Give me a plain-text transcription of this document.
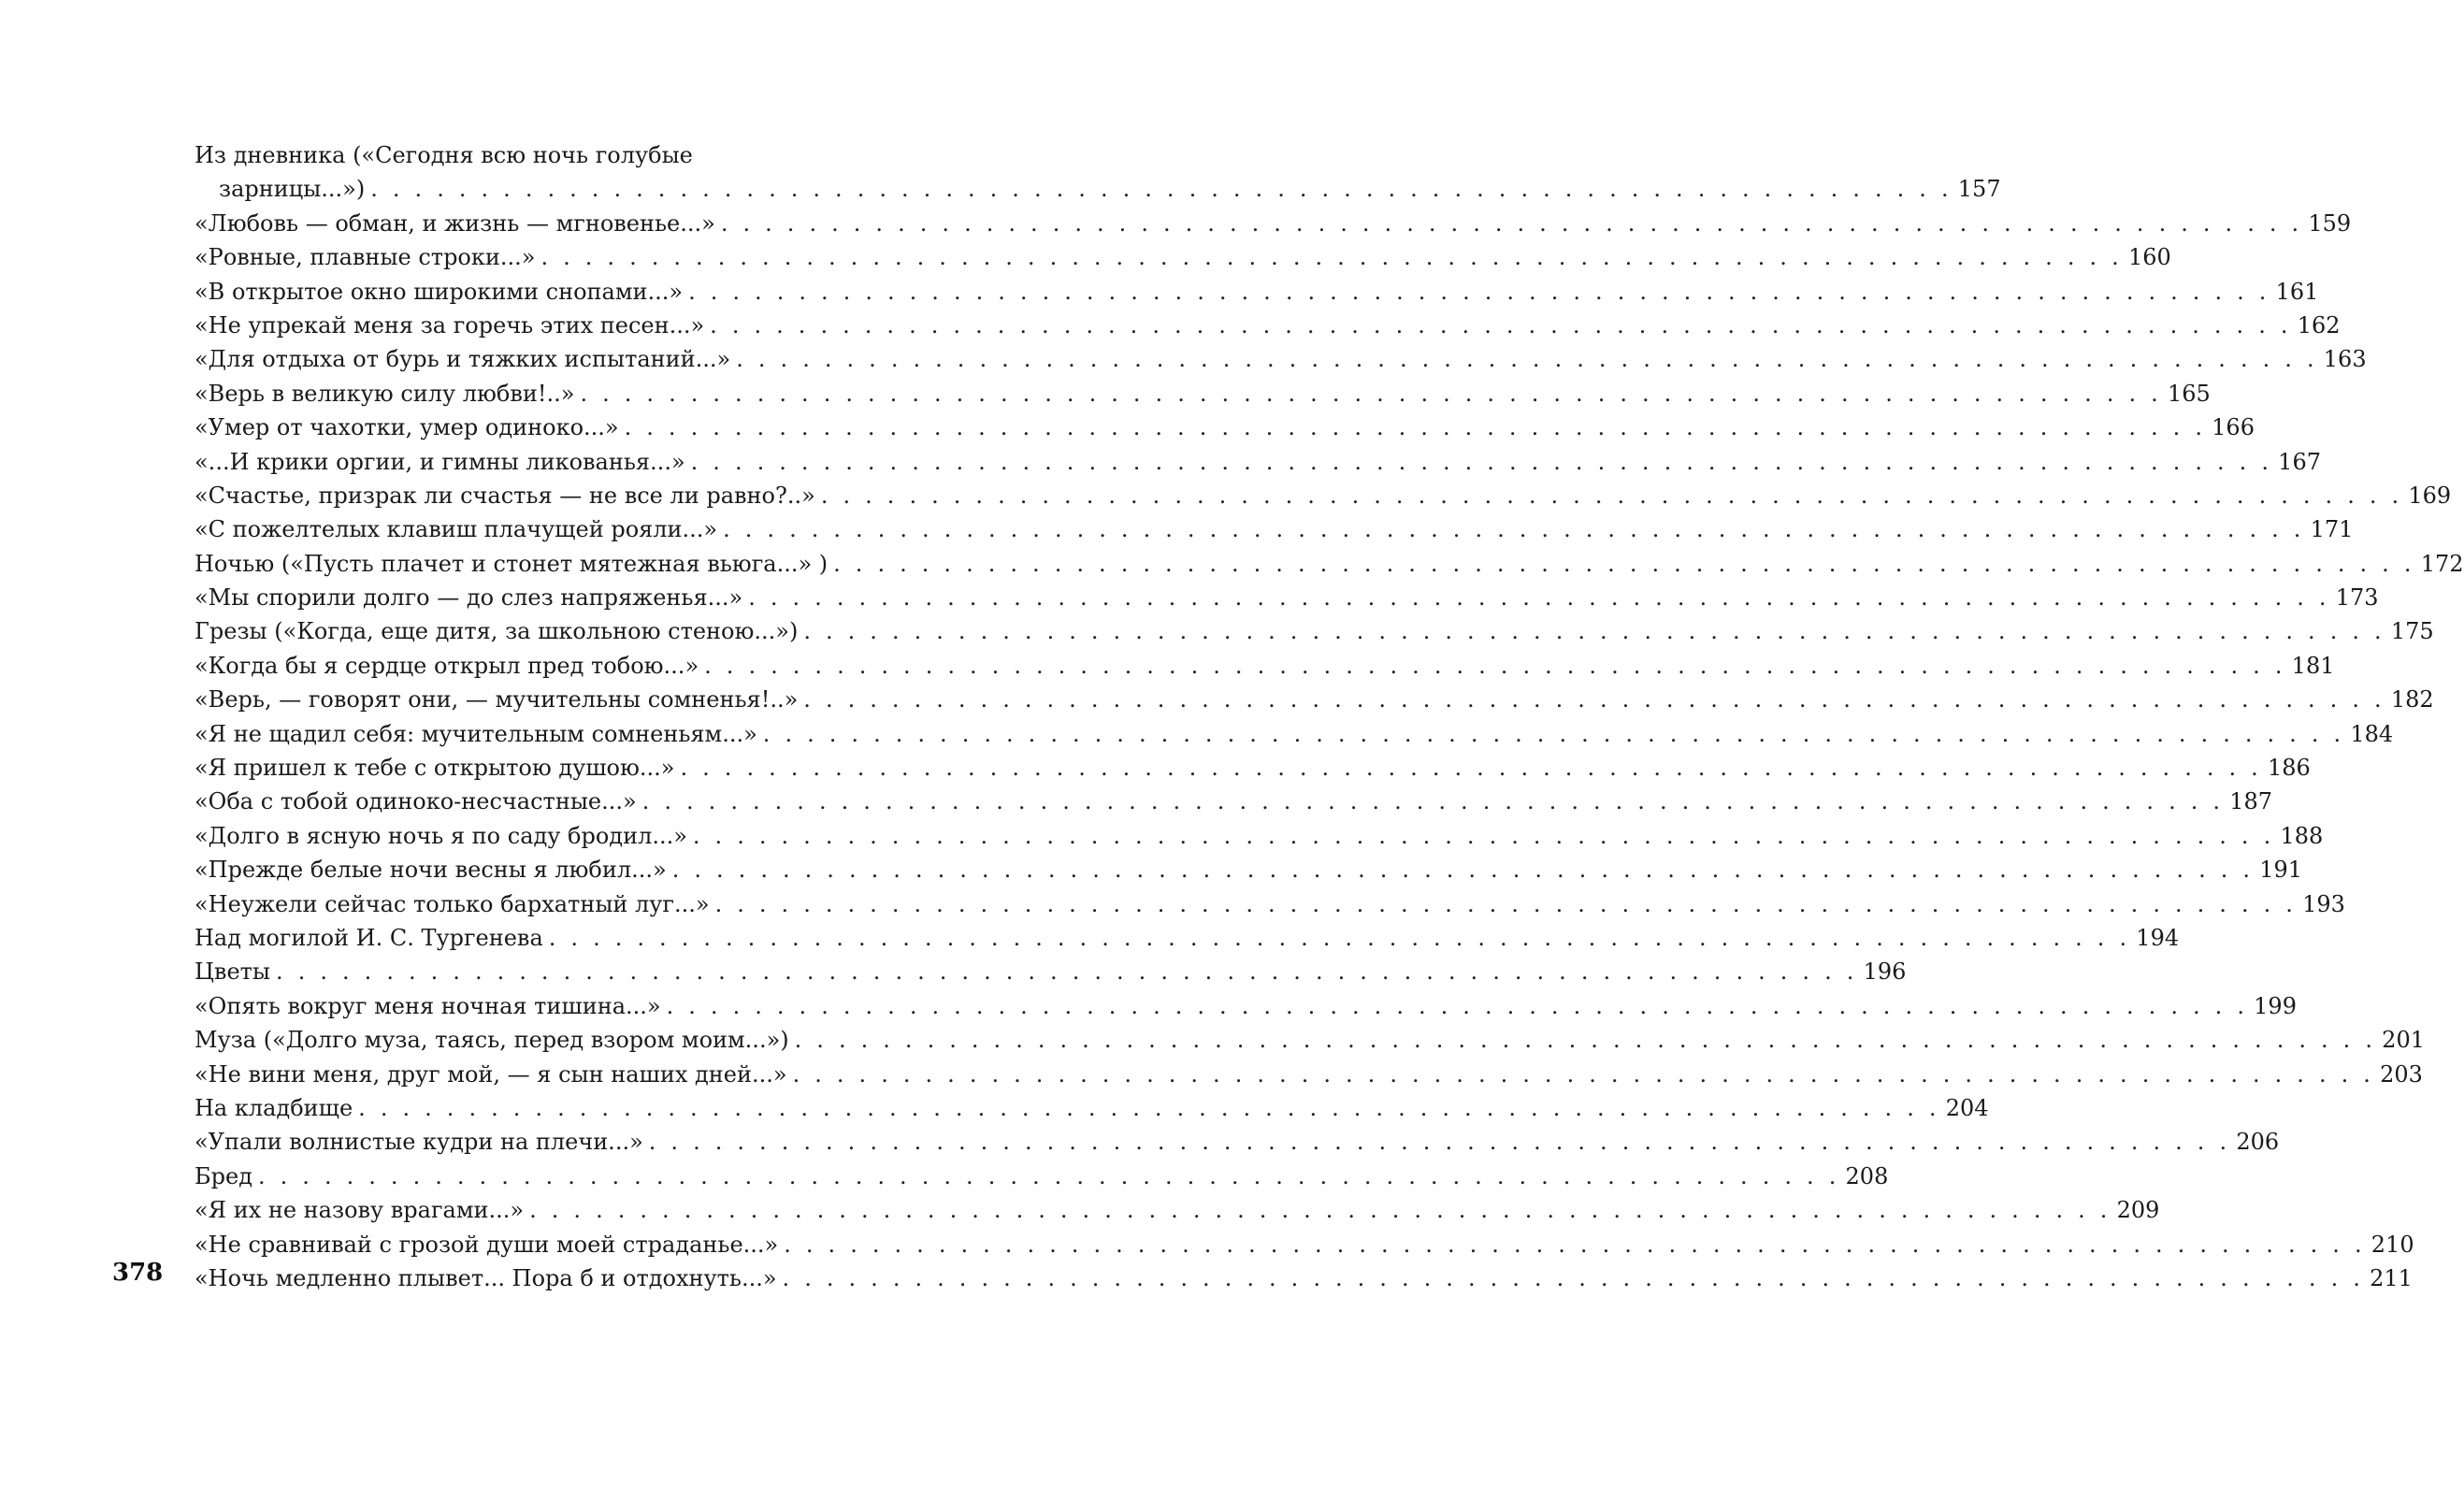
Из дневника («Сегодня всю ночь голубые
зарницы...») . . . . . . . . . . . . . . . . . . . . . . . . . . . . . . . . . . . . . . . . . . . . . . . . . . . . . . . . . . . . . . . . . . . . . . . . 157
«Любовь — обман, и жизнь — мгновенье...» . . . . . . . . . . . . . . . . . . . . . . . . . . . . . . . . . . . . . . . . . . . . . . . . . . . . . . . . . . . . . . . . . . . . . . . . 159
«Ровные, плавные строки...» . . . . . . . . . . . . . . . . . . . . . . . . . . . . . . . . . . . . . . . . . . . . . . . . . . . . . . . . . . . . . . . . . . . . . . . . 160
«В открытое окно широкими снопами...» . . . . . . . . . . . . . . . . . . . . . . . . . . . . . . . . . . . . . . . . . . . . . . . . . . . . . . . . . . . . . . . . . . . . . . . . 161
«Не упрекай меня за горечь этих песен...» . . . . . . . . . . . . . . . . . . . . . . . . . . . . . . . . . . . . . . . . . . . . . . . . . . . . . . . . . . . . . . . . . . . . . . . . 162
«Для отдыха от бурь и тяжких испытаний...» . . . . . . . . . . . . . . . . . . . . . . . . . . . . . . . . . . . . . . . . . . . . . . . . . . . . . . . . . . . . . . . . . . . . . . . . 163
«Верь в великую силу любви!..» . . . . . . . . . . . . . . . . . . . . . . . . . . . . . . . . . . . . . . . . . . . . . . . . . . . . . . . . . . . . . . . . . . . . . . . . 165
«Умер от чахотки, умер одиноко...» . . . . . . . . . . . . . . . . . . . . . . . . . . . . . . . . . . . . . . . . . . . . . . . . . . . . . . . . . . . . . . . . . . . . . . . . 166
«...И крики оргии, и гимны ликованья...» . . . . . . . . . . . . . . . . . . . . . . . . . . . . . . . . . . . . . . . . . . . . . . . . . . . . . . . . . . . . . . . . . . . . . . . . 167
«Счастье, призрак ли счастья — не все ли равно?..» . . . . . . . . . . . . . . . . . . . . . . . . . . . . . . . . . . . . . . . . . . . . . . . . . . . . . . . . . . . . . . . . . . . . . . . . 169
«С пожелтелых клавиш плачущей рояли...» . . . . . . . . . . . . . . . . . . . . . . . . . . . . . . . . . . . . . . . . . . . . . . . . . . . . . . . . . . . . . . . . . . . . . . . . 171
Ночью («Пусть плачет и стонет мятежная вьюга...» ) . . . . . . . . . . . . . . . . . . . . . . . . . . . . . . . . . . . . . . . . . . . . . . . . . . . . . . . . . . . . . . . . . . . . . . . . 172
«Мы спорили долго — до слез напряженья...» . . . . . . . . . . . . . . . . . . . . . . . . . . . . . . . . . . . . . . . . . . . . . . . . . . . . . . . . . . . . . . . . . . . . . . . . 173
Грезы («Когда, еще дитя, за школьною стеною...») . . . . . . . . . . . . . . . . . . . . . . . . . . . . . . . . . . . . . . . . . . . . . . . . . . . . . . . . . . . . . . . . . . . . . . . . 175
«Когда бы я сердце открыл пред тобою...» . . . . . . . . . . . . . . . . . . . . . . . . . . . . . . . . . . . . . . . . . . . . . . . . . . . . . . . . . . . . . . . . . . . . . . . . 181
«Верь, — говорят они, — мучительны сомненья!..» . . . . . . . . . . . . . . . . . . . . . . . . . . . . . . . . . . . . . . . . . . . . . . . . . . . . . . . . . . . . . . . . . . . . . . . . 182
«Я не щадил себя: мучительным сомненьям...» . . . . . . . . . . . . . . . . . . . . . . . . . . . . . . . . . . . . . . . . . . . . . . . . . . . . . . . . . . . . . . . . . . . . . . . . 184
«Я пришел к тебе с открытою душою...» . . . . . . . . . . . . . . . . . . . . . . . . . . . . . . . . . . . . . . . . . . . . . . . . . . . . . . . . . . . . . . . . . . . . . . . . 186
«Оба с тобой одиноко-несчастные...» . . . . . . . . . . . . . . . . . . . . . . . . . . . . . . . . . . . . . . . . . . . . . . . . . . . . . . . . . . . . . . . . . . . . . . . . 187
«Долго в ясную ночь я по саду бродил...» . . . . . . . . . . . . . . . . . . . . . . . . . . . . . . . . . . . . . . . . . . . . . . . . . . . . . . . . . . . . . . . . . . . . . . . . 188
«Прежде белые ночи весны я любил...» . . . . . . . . . . . . . . . . . . . . . . . . . . . . . . . . . . . . . . . . . . . . . . . . . . . . . . . . . . . . . . . . . . . . . . . . 191
«Неужели сейчас только бархатный луг...» . . . . . . . . . . . . . . . . . . . . . . . . . . . . . . . . . . . . . . . . . . . . . . . . . . . . . . . . . . . . . . . . . . . . . . . . 193
Над могилой И. С. Тургенева . . . . . . . . . . . . . . . . . . . . . . . . . . . . . . . . . . . . . . . . . . . . . . . . . . . . . . . . . . . . . . . . . . . . . . . . 194
Цветы . . . . . . . . . . . . . . . . . . . . . . . . . . . . . . . . . . . . . . . . . . . . . . . . . . . . . . . . . . . . . . . . . . . . . . . . 196
«Опять вокруг меня ночная тишина...» . . . . . . . . . . . . . . . . . . . . . . . . . . . . . . . . . . . . . . . . . . . . . . . . . . . . . . . . . . . . . . . . . . . . . . . . 199
Муза («Долго муза, таясь, перед взором моим...») . . . . . . . . . . . . . . . . . . . . . . . . . . . . . . . . . . . . . . . . . . . . . . . . . . . . . . . . . . . . . . . . . . . . . . . . 201
«Не вини меня, друг мой, — я сын наших дней...» . . . . . . . . . . . . . . . . . . . . . . . . . . . . . . . . . . . . . . . . . . . . . . . . . . . . . . . . . . . . . . . . . . . . . . . . 203
На кладбище . . . . . . . . . . . . . . . . . . . . . . . . . . . . . . . . . . . . . . . . . . . . . . . . . . . . . . . . . . . . . . . . . . . . . . . . 204
«Упали волнистые кудри на плечи...» . . . . . . . . . . . . . . . . . . . . . . . . . . . . . . . . . . . . . . . . . . . . . . . . . . . . . . . . . . . . . . . . . . . . . . . . 206
Бред . . . . . . . . . . . . . . . . . . . . . . . . . . . . . . . . . . . . . . . . . . . . . . . . . . . . . . . . . . . . . . . . . . . . . . . . 208
«Я их не назову врагами...» . . . . . . . . . . . . . . . . . . . . . . . . . . . . . . . . . . . . . . . . . . . . . . . . . . . . . . . . . . . . . . . . . . . . . . . . 209
«Не сравнивай с грозой души моей страданье...» . . . . . . . . . . . . . . . . . . . . . . . . . . . . . . . . . . . . . . . . . . . . . . . . . . . . . . . . . . . . . . . . . . . . . . . . 210
«Ночь медленно плывет... Пора б и отдохнуть...» . . . . . . . . . . . . . . . . . . . . . . . . . . . . . . . . . . . . . . . . . . . . . . . . . . . . . . . . . . . . . . . . . . . . . . . . 211
378
